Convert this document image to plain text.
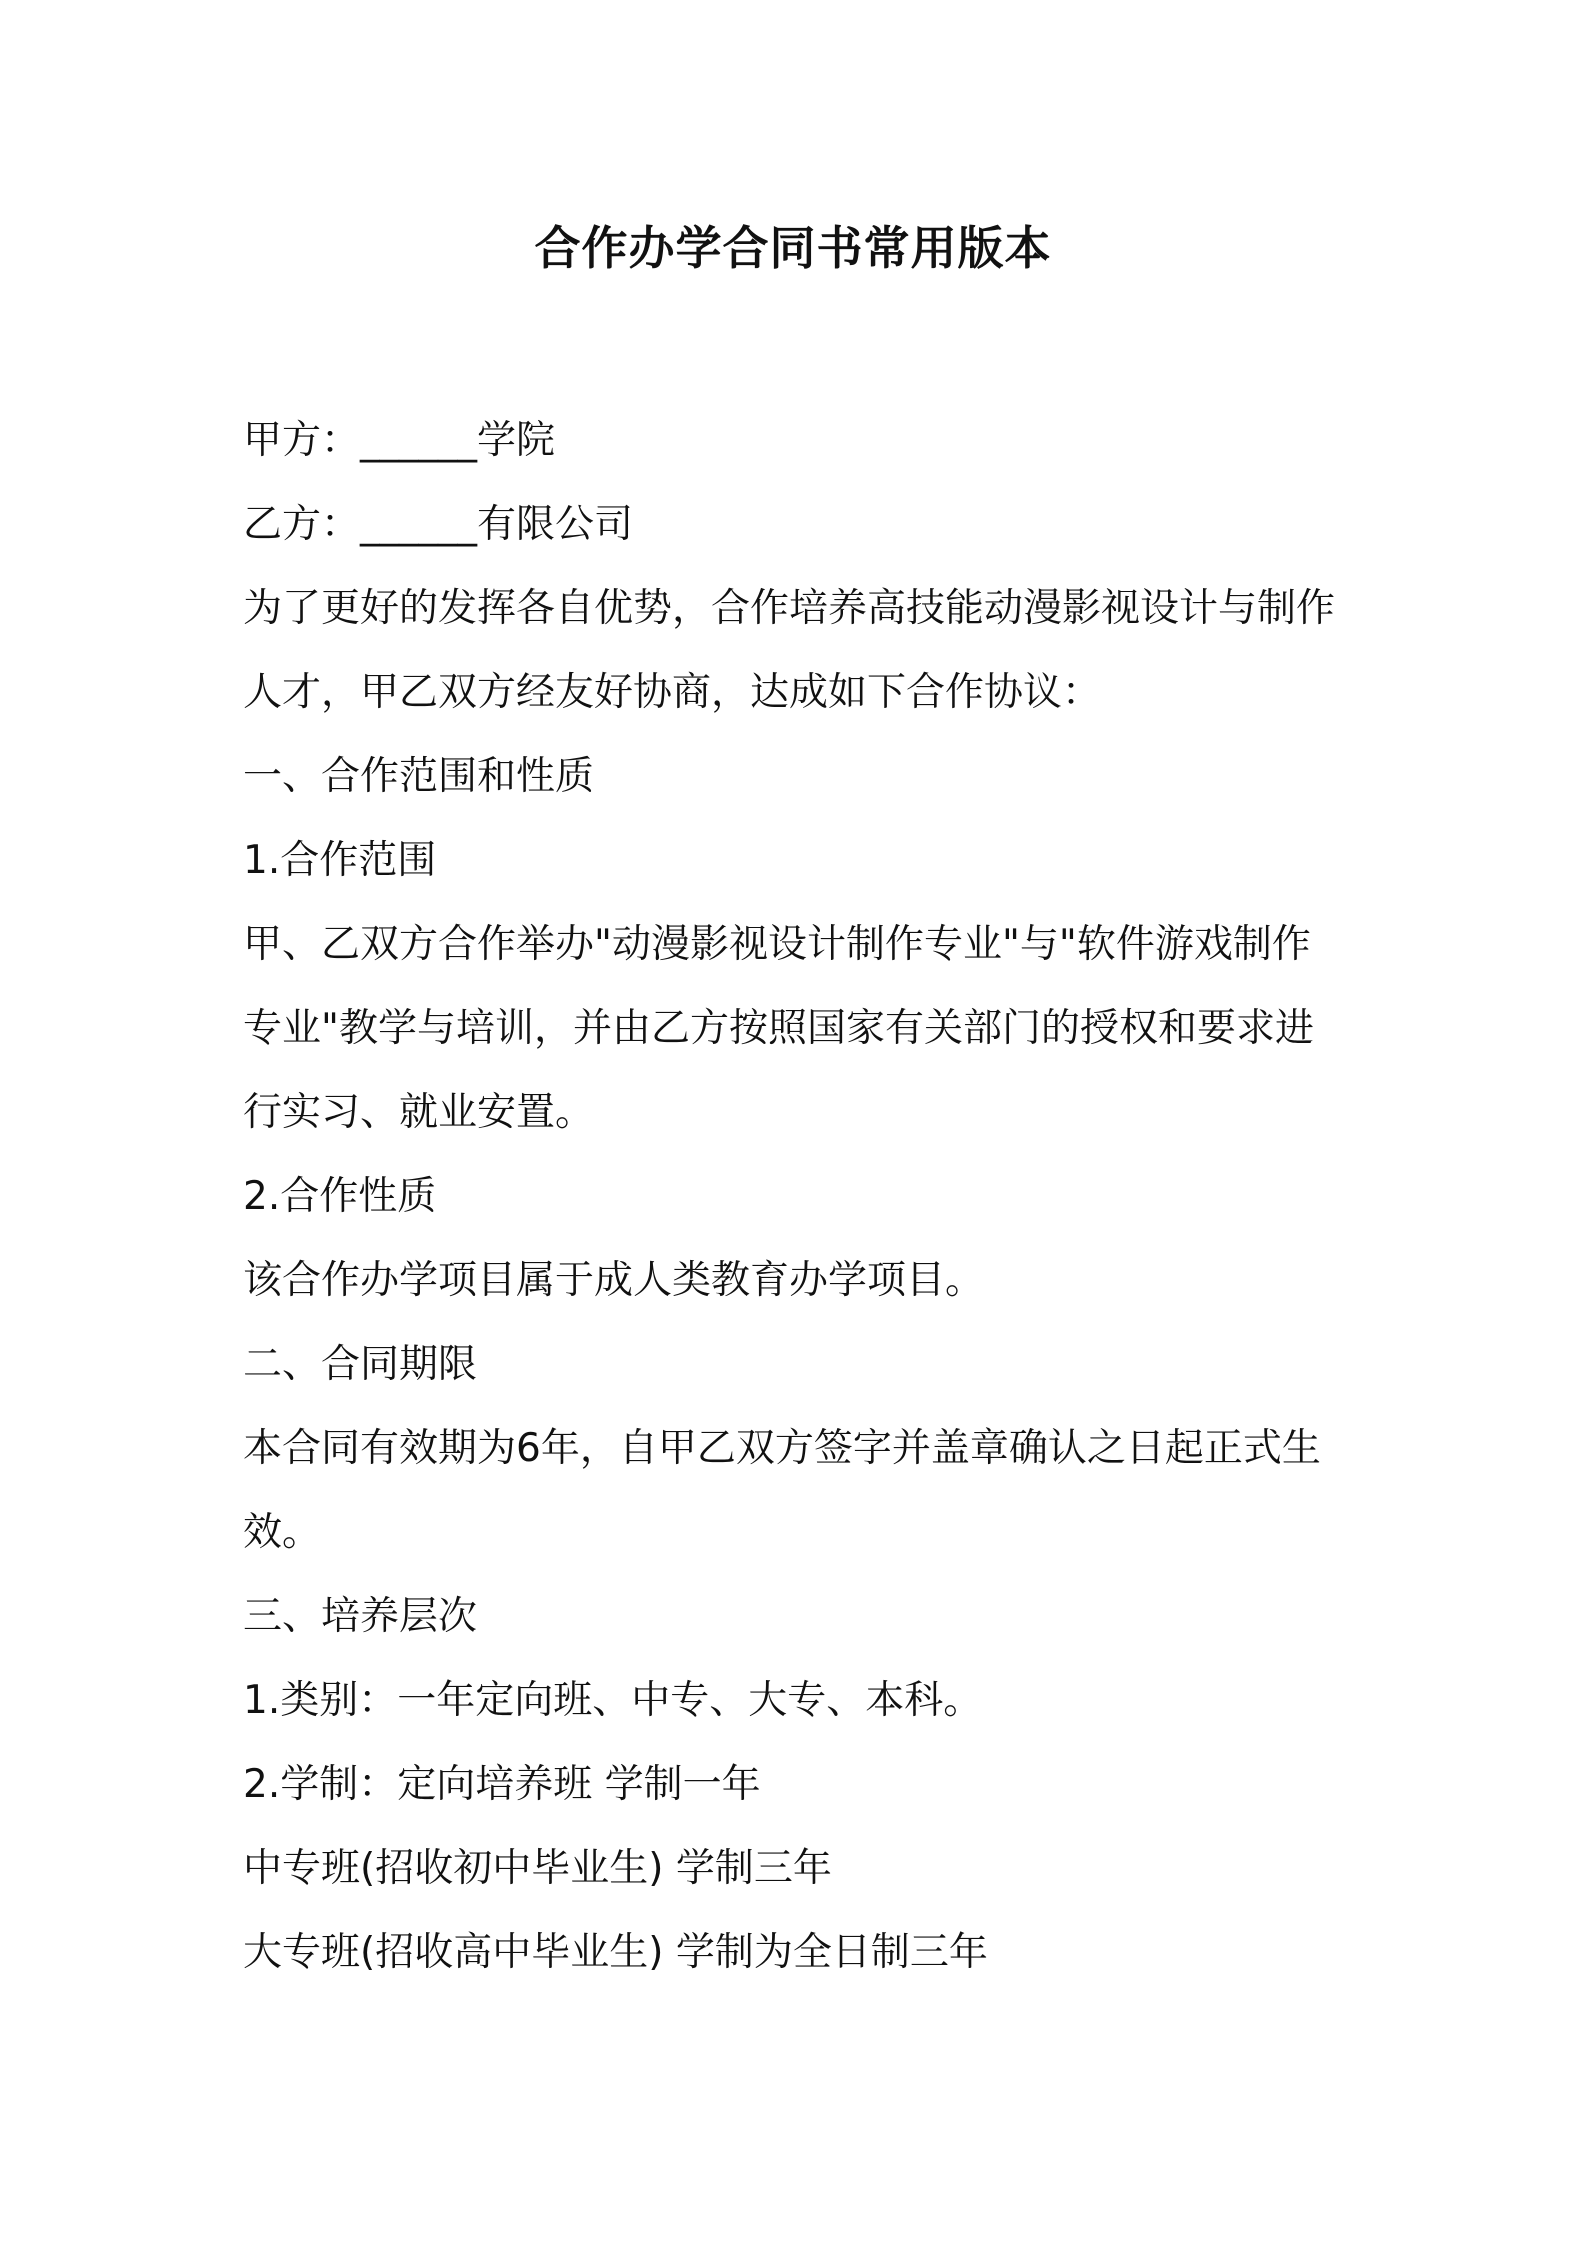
合作办学合同书常用版本

甲方：______学院

乙方：______有限公司

为了更好的发挥各自优势，合作培养高技能动漫影视设计与制作

人才，甲乙双方经友好协商，达成如下合作协议：

一、合作范围和性质

1.合作范围

甲、乙双方合作举办"动漫影视设计制作专业"与"软件游戏制作

专业"教学与培训，并由乙方按照国家有关部门的授权和要求进

行实习、就业安置。

2.合作性质

该合作办学项目属于成人类教育办学项目。

二、合同期限

本合同有效期为6年，自甲乙双方签字并盖章确认之日起正式生

效。

三、培养层次

1.类别：一年定向班、中专、大专、本科。

2.学制：定向培养班 学制一年

中专班(招收初中毕业生) 学制三年

大专班(招收高中毕业生) 学制为全日制三年
